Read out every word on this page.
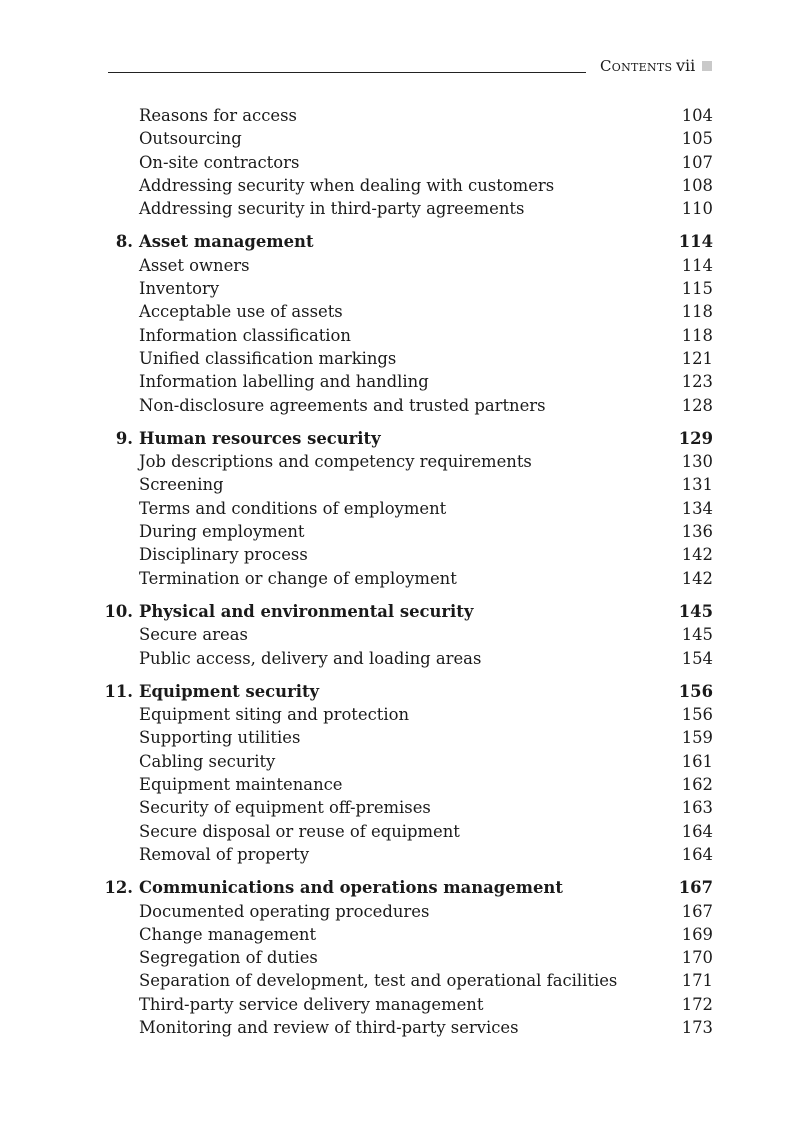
Contents vii
Reasons for access	104
Outsourcing	105
On-site contractors	107
Addressing security when dealing with customers	108
Addressing security in third-party agreements	110
8. Asset management	114
Asset owners	114
Inventory	115
Acceptable use of assets	118
Information classification	118
Unified classification markings	121
Information labelling and handling	123
Non-disclosure agreements and trusted partners	128
9. Human resources security	129
Job descriptions and competency requirements	130
Screening	131
Terms and conditions of employment	134
During employment	136
Disciplinary process	142
Termination or change of employment	142
10. Physical and environmental security	145
Secure areas	145
Public access, delivery and loading areas	154
11. Equipment security	156
Equipment siting and protection	156
Supporting utilities	159
Cabling security	161
Equipment maintenance	162
Security of equipment off-premises	163
Secure disposal or reuse of equipment	164
Removal of property	164
12. Communications and operations management	167
Documented operating procedures	167
Change management	169
Segregation of duties	170
Separation of development, test and operational facilities	171
Third-party service delivery management	172
Monitoring and review of third-party services	173
